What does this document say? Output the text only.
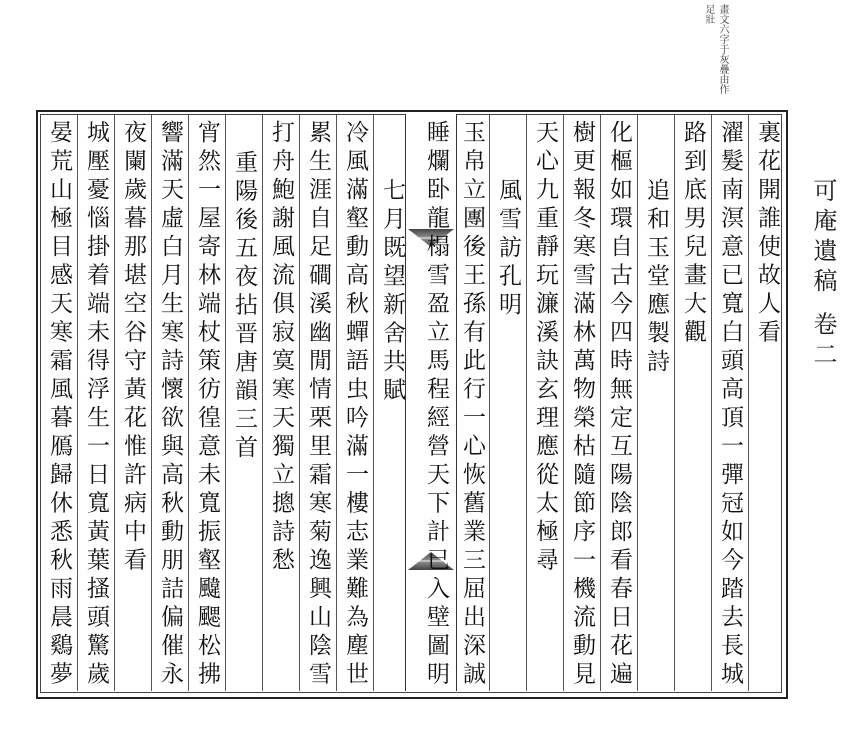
畫文六字于灰疊由作
足壯
裏花開誰使故人看
濯髮南溟意已寬白頭高頂一彈冠如今踏去長城
路到底男兒畫大觀
追和玉堂應製詩
化樞如環自古今四時無定互陽陰郎看春日花遍
樹更報冬寒雪滿林萬物榮枯隨節序一機流動見
天心九重靜玩濂溪訣玄理應從太極尋
風雪訪孔明
玉帛立團後王孫有此行一心恢舊業三屈出深誠
睡爛卧龍榻雪盈立馬程經營天下計已入壁圖明
七月既望新舍共賦
冷風滿壑動高秋蟬語虫吟滿一樓志業難為塵世
累生涯自足磵溪幽閒情栗里霜寒菊逸興山陰雪
打舟鮑謝風流俱寂寞寒天獨立摠詩愁
重陽後五夜拈晋唐韻三首
宵然一屋寄林端杖策彷徨意未寬振壑颹颸松拂
響滿天虛白月生寒詩懷欲與高秋動朋詰偏催永
夜闌歲暮那堪空谷守黃花惟許病中看
城壓憂惱掛着端未得浮生一日寬黃葉搔頭驚歲
晏荒山極目感天寒霜風暮鴈歸休悉秋雨晨鷄夢	可庵遺稿 卷二
